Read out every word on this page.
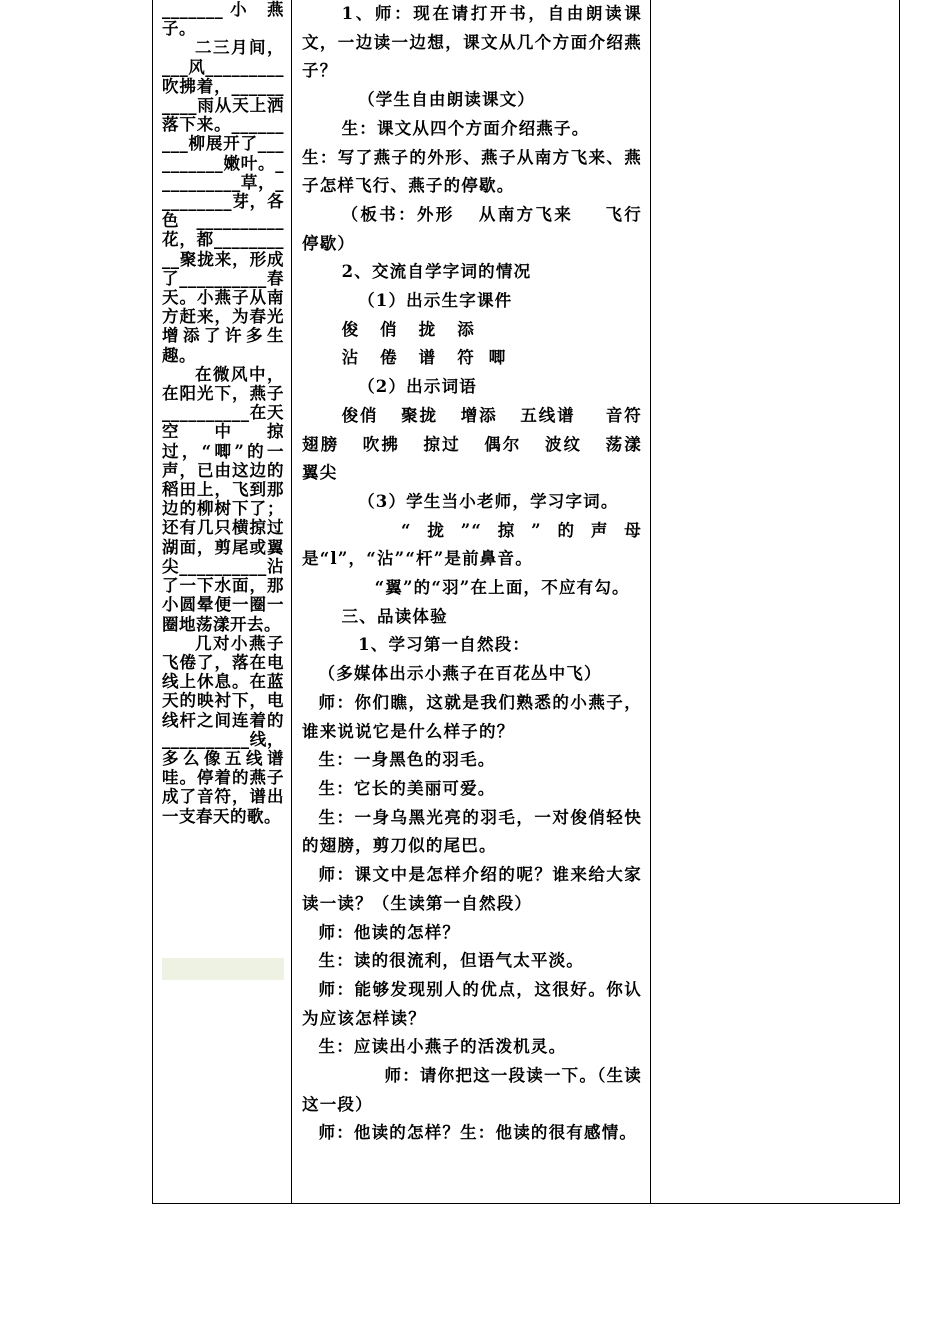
_______小 燕子。

二三月间，___风_________吹拂着，__________雨从天上洒落下来。_________柳展开了__________嫩叶。__________草，_________芽，各色__________花，都__________聚拢来，形成了__________春天。小燕子从南方赶来，为春光增添了许多生趣。

在微风中，在阳光下，燕子__________在天空中掠过，“唧”的一声，已由这边的稻田上，飞到那边的柳树下了；还有几只横掠过湖面，剪尾或翼尖__________沾了一下水面，那小圆晕便一圈一圈地荡漾开去。

几对小燕子飞倦了，落在电线上休息。在蓝天的映衬下，电线杆之间连着的__________线，多么像五线谱哇。停着的燕子成了音符，谱出一支春天的歌。

1、师：现在请打开书，自由朗读课文，一边读一边想，课文从几个方面介绍燕子？

（学生自由朗读课文）

生：课文从四个方面介绍燕子。

生：写了燕子的外形、燕子从南方飞来、燕子怎样飞行、燕子的停歇。

（板书：外形   从南方飞来    飞行   停歇）

2、交流自学字词的情况

（1）出示生字课件

俊   俏   拢   添

沾   倦   谱   符  唧

（2）出示词语

俊俏   聚拢   增添   五线谱    音符   翅膀   吹拂   掠过   偶尔   波纹   荡漾   翼尖

（3）学生当小老师，学习字词。

“拢”“掠”的声母是“l”，“沾”“杆”是前鼻音。

“翼”的“羽”在上面，不应有勾。

三、品读体验

1、学习第一自然段：

（多媒体出示小燕子在百花丛中飞）

师：你们瞧，这就是我们熟悉的小燕子，谁来说说它是什么样子的？

生：一身黑色的羽毛。

生：它长的美丽可爱。

生：一身乌黑光亮的羽毛，一对俊俏轻快的翅膀，剪刀似的尾巴。

师：课文中是怎样介绍的呢？谁来给大家读一读？（生读第一自然段）

师：他读的怎样？

生：读的很流利，但语气太平淡。

师：能够发现别人的优点，这很好。你认为应该怎样读？

生：应读出小燕子的活泼机灵。

师：请你把这一段读一下。（生读这一段）

师：他读的怎样？生：他读的很有感情。
